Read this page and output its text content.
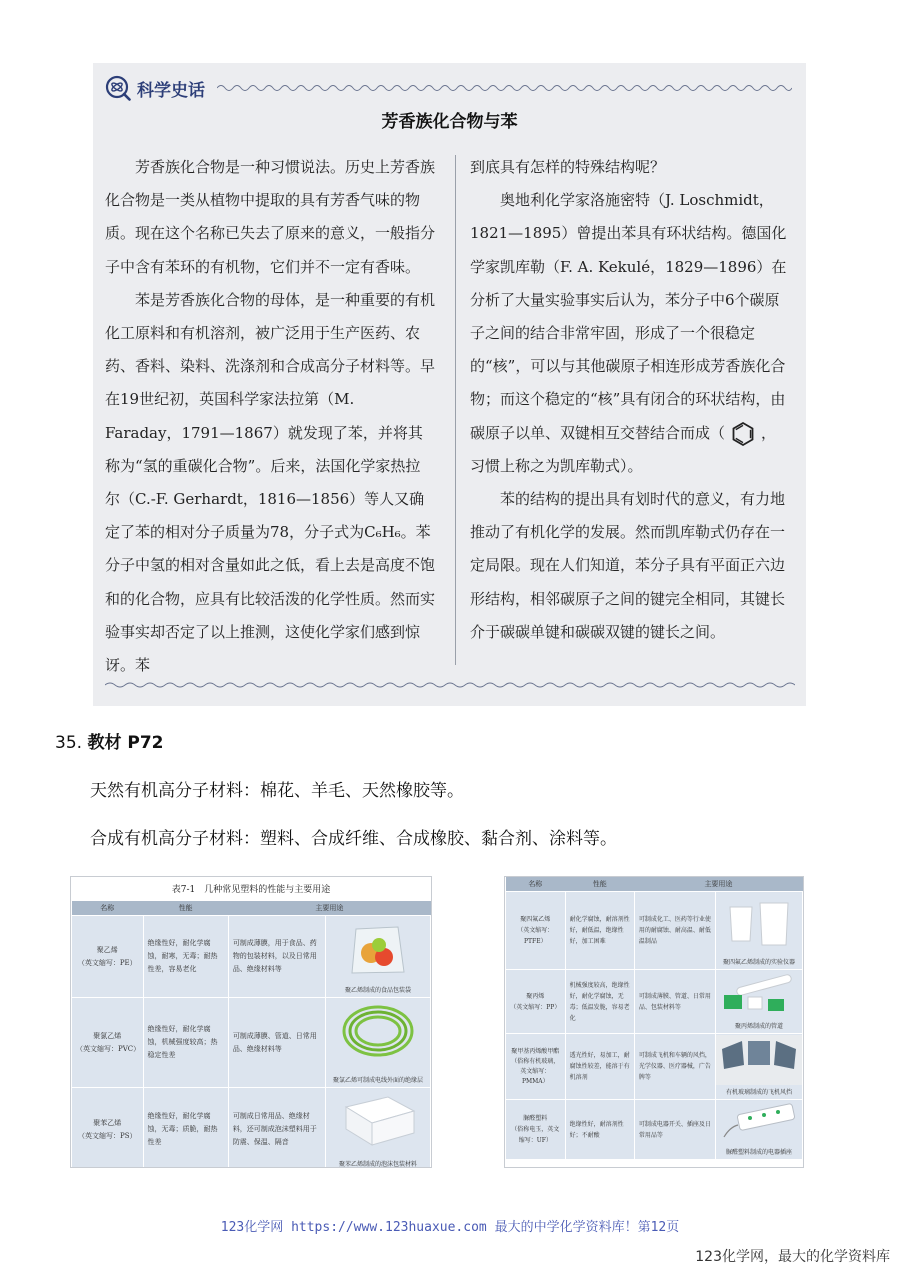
科学史话
芳香族化合物与苯

芳香族化合物是一种习惯说法。历史上芳香族化合物是一类从植物中提取的具有芳香气味的物质。现在这个名称已失去了原来的意义，一般指分子中含有苯环的有机物，它们并不一定有香味。

苯是芳香族化合物的母体，是一种重要的有机化工原料和有机溶剂，被广泛用于生产医药、农药、香料、染料、洗涤剂和合成高分子材料等。早在19世纪初，英国科学家法拉第（M. Faraday，1791—1867）就发现了苯，并将其称为“氢的重碳化合物”。后来，法国化学家热拉尔（C.-F. Gerhardt，1816—1856）等人又确定了苯的相对分子质量为78，分子式为C₆H₆。苯分子中氢的相对含量如此之低，看上去是高度不饱和的化合物，应具有比较活泼的化学性质。然而实验事实却否定了以上推测，这使化学家们感到惊讶。苯

到底具有怎样的特殊结构呢？

奥地利化学家洛施密特（J. Loschmidt，1821—1895）曾提出苯具有环状结构。德国化学家凯库勒（F. A. Kekulé，1829—1896）在分析了大量实验事实后认为，苯分子中6个碳原子之间的结合非常牢固，形成了一个很稳定的“核”，可以与其他碳原子相连形成芳香族化合物；而这个稳定的“核”具有闭合的环状结构，由碳原子以单、双键相互交替结合而成（ ，习惯上称之为凯库勒式）。

苯的结构的提出具有划时代的意义，有力地推动了有机化学的发展。然而凯库勒式仍存在一定局限。现在人们知道，苯分子具有平面正六边形结构，相邻碳原子之间的键完全相同，其键长介于碳碳单键和碳碳双键的键长之间。

35. 教材 P72
天然有机高分子材料：棉花、羊毛、天然橡胶等。
合成有机高分子材料：塑料、合成纤维、合成橡胶、黏合剂、涂料等。
表7-1　几种常见塑料的性能与主要用途
名称	性能	主要用途	
聚乙烯
（英文缩写：PE）	绝缘性好，耐化学腐蚀，耐寒，无毒；耐热性差，容易老化	可制成薄膜，用于食品、药物的包装材料，以及日常用品、绝缘材料等	聚乙烯制成的食品包装袋

聚氯乙烯
（英文缩写：PVC）	绝缘性好，耐化学腐蚀，机械强度较高；热稳定性差	可制成薄膜、管道、日常用品、绝缘材料等	聚氯乙烯可制成电线外面的绝缘层

聚苯乙烯
（英文缩写：PS）	绝缘性好，耐化学腐蚀，无毒；质脆，耐热性差	可制成日常用品、绝缘材料，还可制成泡沫塑料用于防震、保温、隔音	聚苯乙烯制成的泡沫包装材料
名称	性能	主要用途	
聚四氟乙烯
（英文缩写：PTFE）	耐化学腐蚀，耐溶剂性好，耐低温，绝缘性好，加工困难	可制成化工、医药等行业使用的耐腐蚀、耐高温、耐低温制品	聚四氟乙烯制成的实验仪器

聚丙烯
（英文缩写：PP）	机械强度较高，绝缘性好，耐化学腐蚀，无毒；低温发脆，容易老化	可制成薄膜、管道、日常用品、包装材料等	聚丙烯制成的管道

聚甲基丙烯酸甲酯
（俗称有机玻璃，英文缩写：PMMA）	透光性好，易加工，耐腐蚀性较差，能溶于有机溶剂	可制成飞机和车辆的风挡，光学仪器、医疗器械，广告牌等	有机玻璃制成的飞机风挡

脲醛塑料
（俗称电玉，英文缩写：UF）	绝缘性好，耐溶剂性好；不耐酸	可制成电器开关、插座及日常用品等	脲醛塑料制成的电器插座
123化学网 https://www.123huaxue.com 最大的中学化学资料库！第12页
123化学网，最大的化学资料库
